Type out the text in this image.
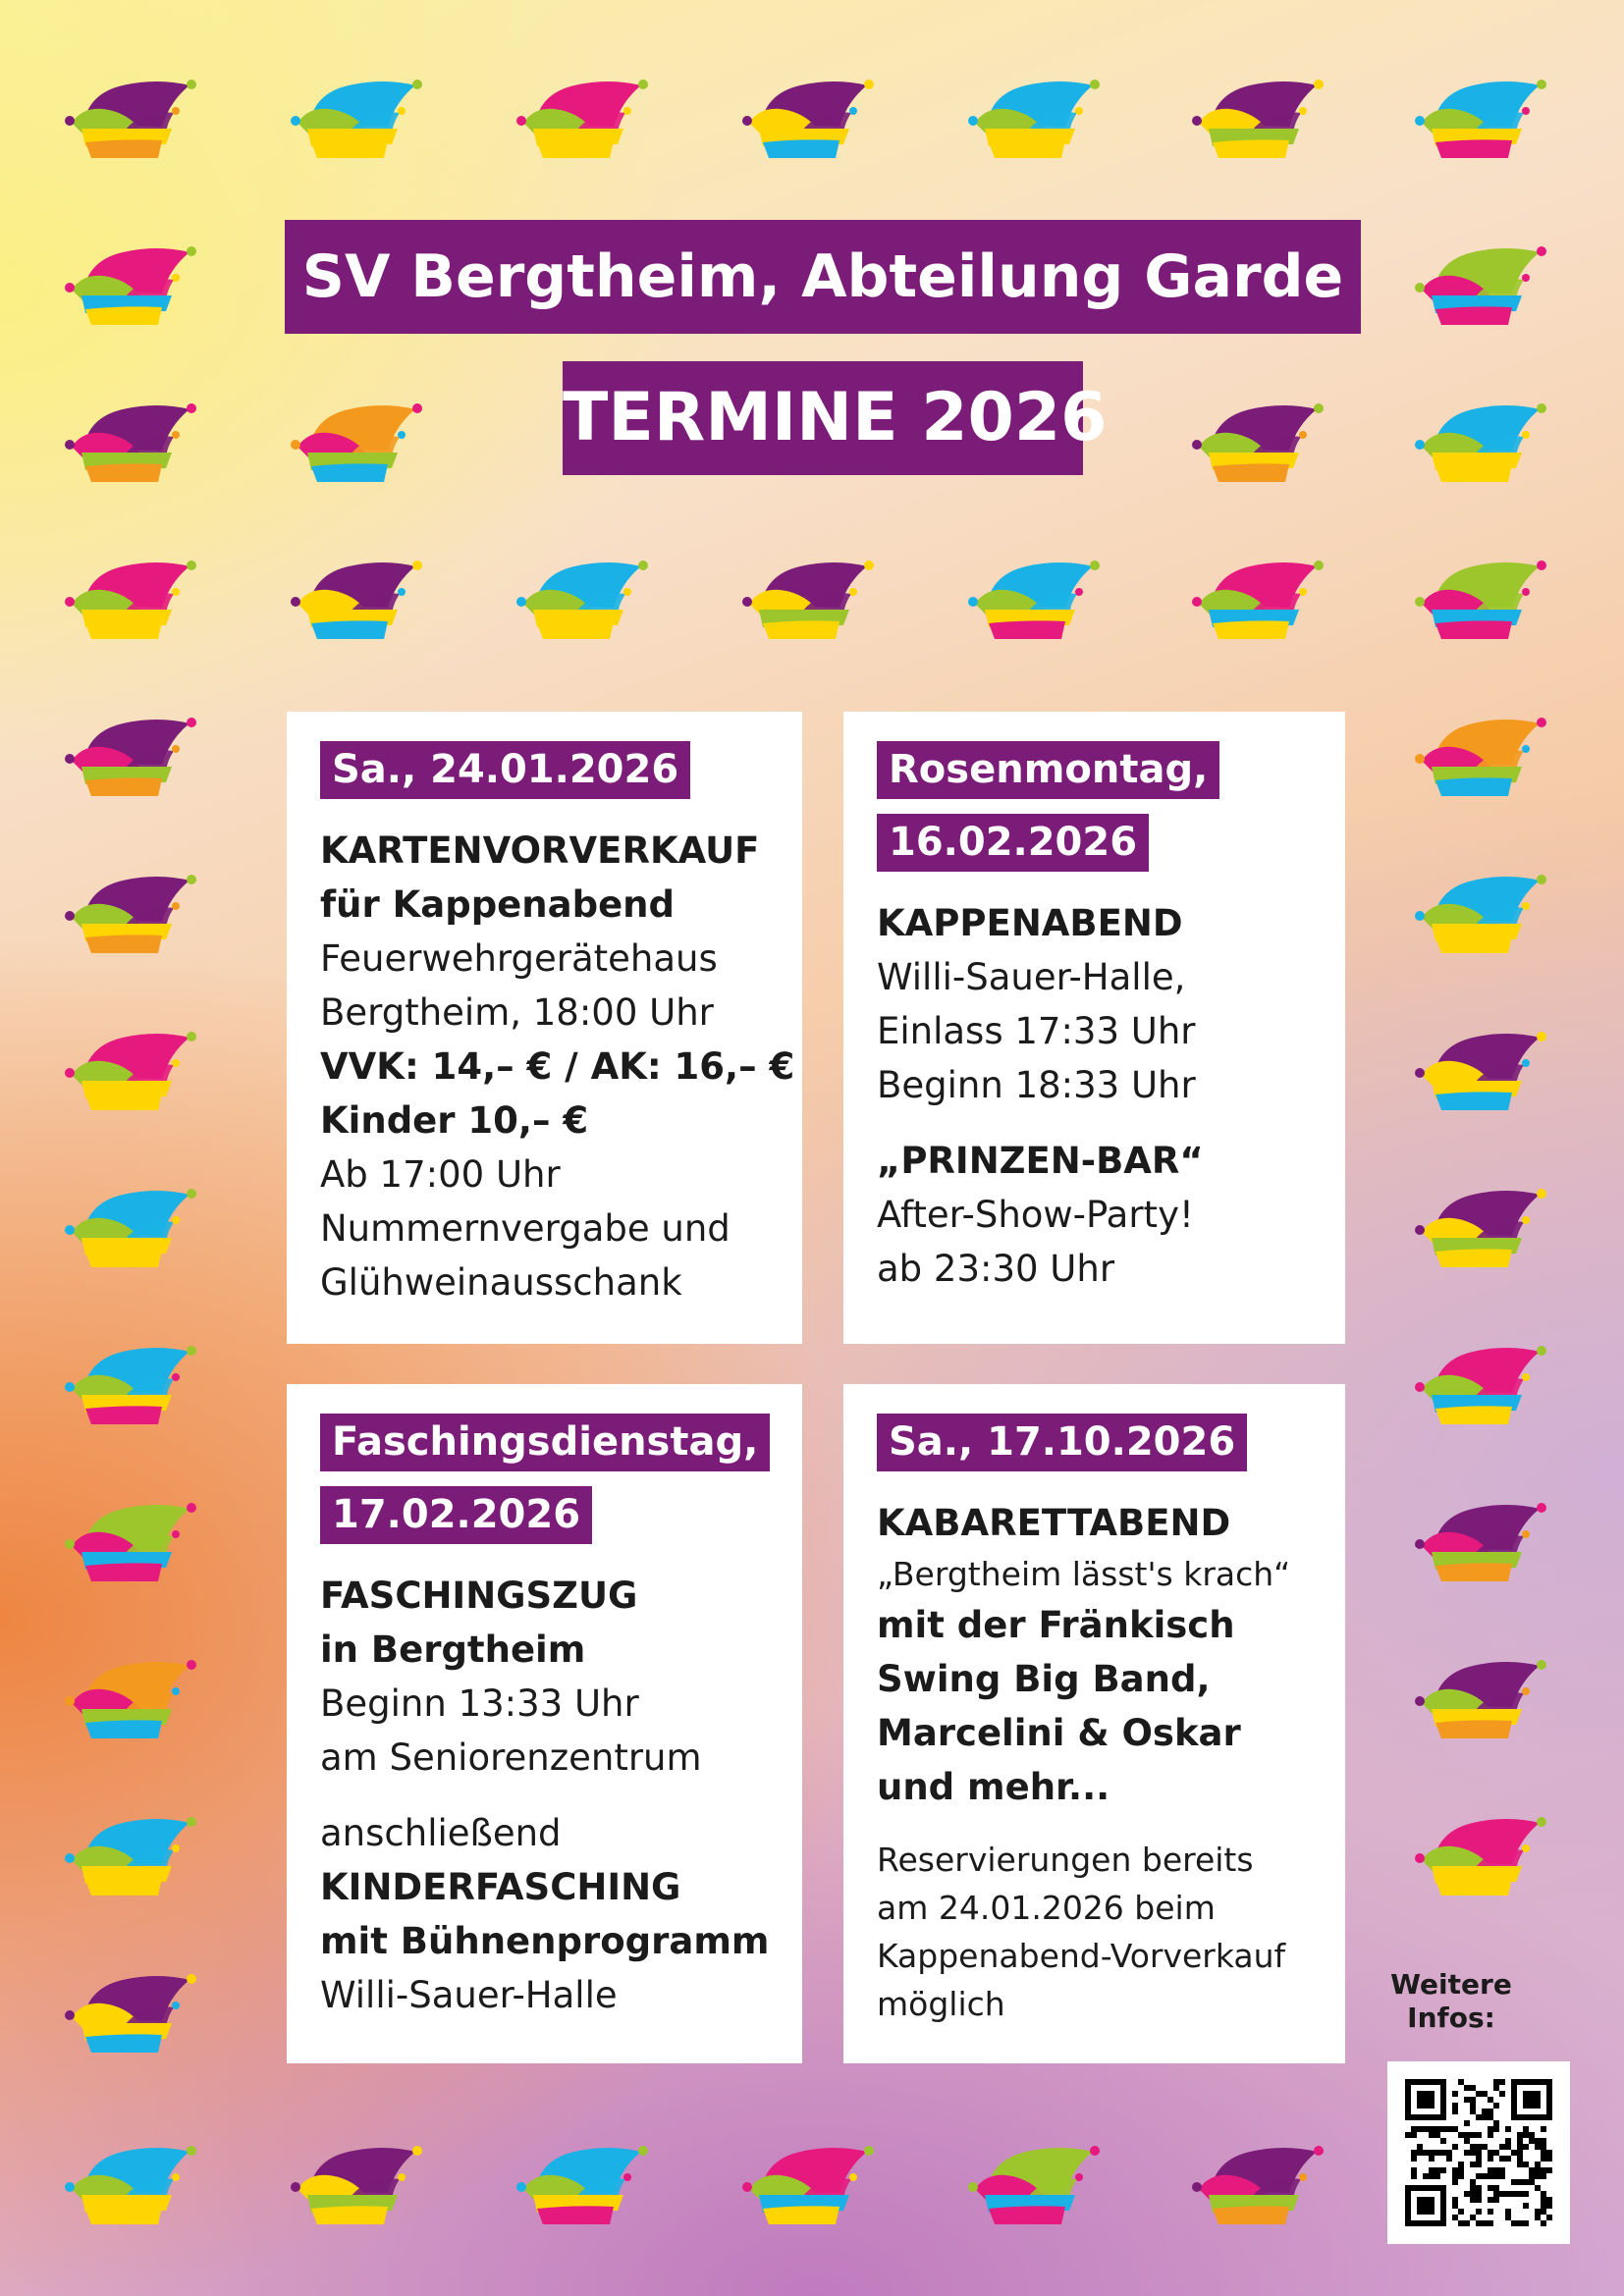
SV Bergtheim, Abteilung Garde
TERMINE 2026
Sa., 24.01.2026

KARTENVORVERKAUF
für Kappenabend
Feuerwehrgerätehaus
Bergtheim, 18:00 Uhr
VVK: 14,– € / AK: 16,– €
Kinder 10,– €
Ab 17:00 Uhr
Nummernvergabe und
Glühweinausschank
Rosenmontag,
16.02.2026

KAPPENABEND
Willi-Sauer-Halle,
Einlass 17:33 Uhr
Beginn 18:33 Uhr
„PRINZEN-BAR“
After-Show-Party!
ab 23:30 Uhr
Faschingsdienstag,
17.02.2026

FASCHINGSZUG
in Bergtheim
Beginn 13:33 Uhr
am Seniorenzentrum
anschließend
KINDERFASCHING
mit Bühnenprogramm
Willi-Sauer-Halle
Sa., 17.10.2026

KABARETTABEND
„Bergtheim lässt's krach“
mit der Fränkisch
Swing Big Band,
Marcelini & Oskar
und mehr...
Reservierungen bereits
am 24.01.2026 beim
Kappenabend-Vorverkauf
möglich
Weitere
Infos:
